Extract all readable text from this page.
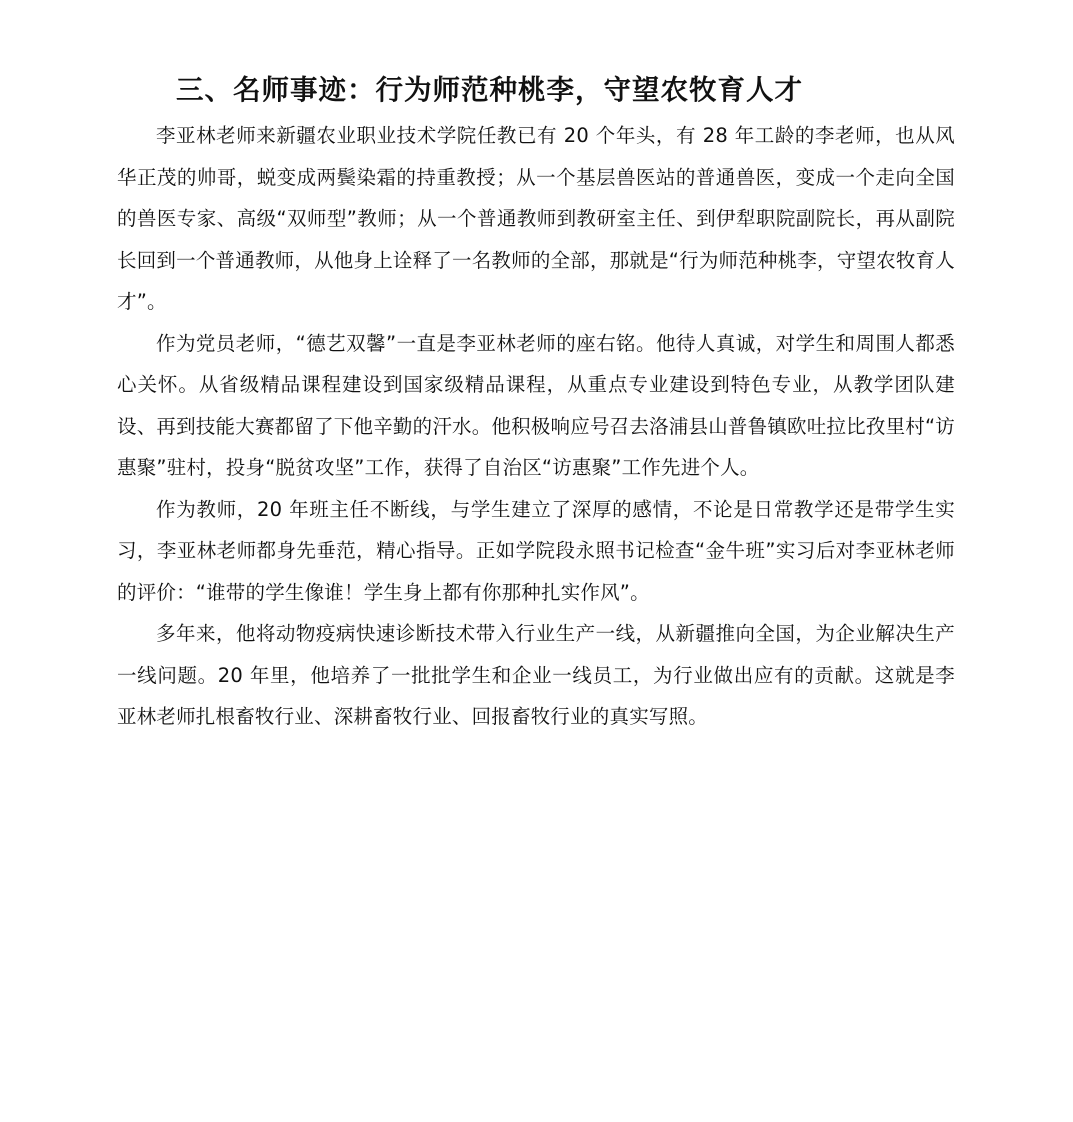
三、名师事迹：行为师范种桃李，守望农牧育人才

李亚林老师来新疆农业职业技术学院任教已有 20 个年头，有 28 年工龄的李老师，也从风华正茂的帅哥，蜕变成两鬓染霜的持重教授；从一个基层兽医站的普通兽医，变成一个走向全国的兽医专家、高级“双师型”教师；从一个普通教师到教研室主任、到伊犁职院副院长，再从副院长回到一个普通教师，从他身上诠释了一名教师的全部，那就是“行为师范种桃李，守望农牧育人才”。

作为党员老师，“德艺双馨”一直是李亚林老师的座右铭。他待人真诚，对学生和周围人都悉心关怀。从省级精品课程建设到国家级精品课程，从重点专业建设到特色专业，从教学团队建设、再到技能大赛都留了下他辛勤的汗水。他积极响应号召去洛浦县山普鲁镇欧吐拉比孜里村“访惠聚”驻村，投身“脱贫攻坚”工作，获得了自治区“访惠聚”工作先进个人。

作为教师，20 年班主任不断线，与学生建立了深厚的感情，不论是日常教学还是带学生实习，李亚林老师都身先垂范，精心指导。正如学院段永照书记检查“金牛班”实习后对李亚林老师的评价：“谁带的学生像谁！学生身上都有你那种扎实作风”。

多年来，他将动物疫病快速诊断技术带入行业生产一线，从新疆推向全国，为企业解决生产一线问题。20 年里，他培养了一批批学生和企业一线员工，为行业做出应有的贡献。这就是李亚林老师扎根畜牧行业、深耕畜牧行业、回报畜牧行业的真实写照。
